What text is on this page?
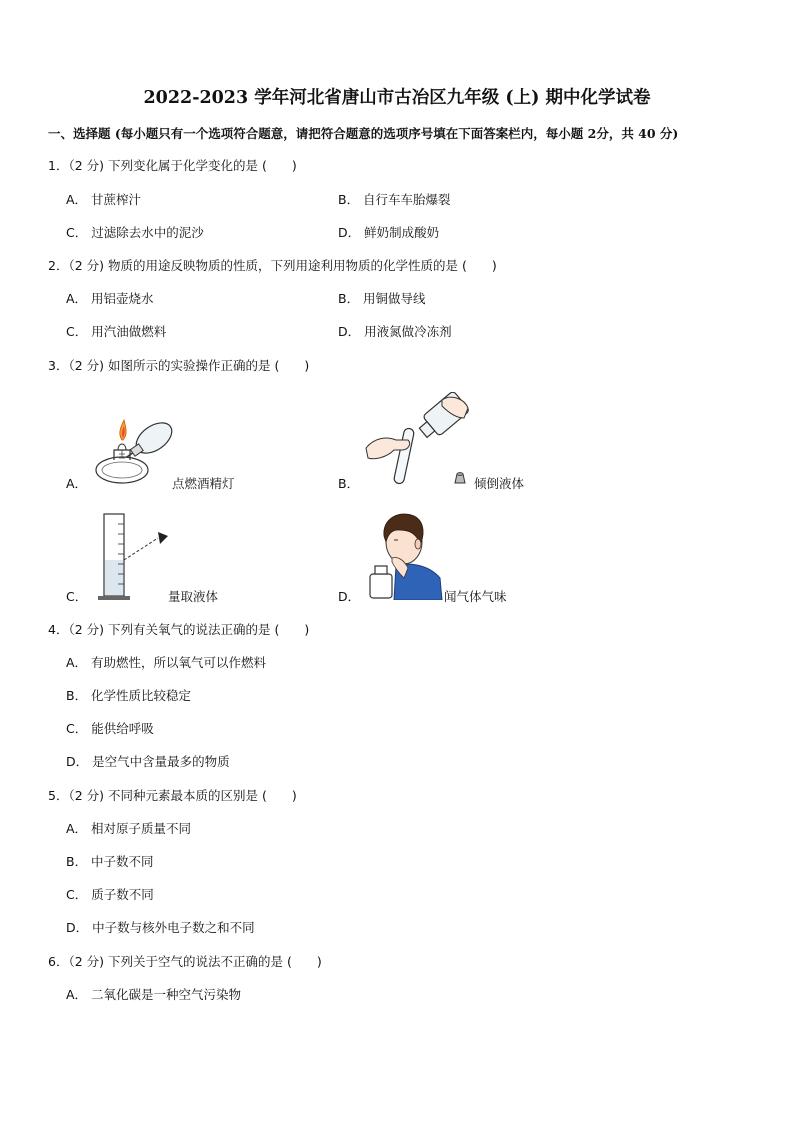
2022-2023 学年河北省唐山市古冶区九年级 (上) 期中化学试卷
一、选择题 (每小题只有一个选项符合题意，请把符合题意的选项序号填在下面答案栏内，每小题 2分，共 40 分)
1．（2 分) 下列变化属于化学变化的是 (　　)
A． 甘蔗榨汁	B． 自行车车胎爆裂
C． 过滤除去水中的泥沙	D． 鲜奶制成酸奶
2．（2 分) 物质的用途反映物质的性质，下列用途利用物质的化学性质的是 (　　)
A． 用铝壶烧水	B． 用铜做导线
C． 用汽油做燃料	D． 用液氮做冷冻剂
3．（2 分) 如图所示的实验操作正确的是 (　　)
A．	点燃酒精灯	B．	倾倒液体
C．	量取液体	D．	闻气体气味
4．（2 分) 下列有关氧气的说法正确的是 (　　)
A． 有助燃性，所以氧气可以作燃料
B． 化学性质比较稳定
C． 能供给呼吸
D． 是空气中含量最多的物质
5．（2 分) 不同种元素最本质的区别是 (　　)
A． 相对原子质量不同
B． 中子数不同
C． 质子数不同
D． 中子数与核外电子数之和不同
6．（2 分) 下列关于空气的说法不正确的是 (　　)
A． 二氧化碳是一种空气污染物
